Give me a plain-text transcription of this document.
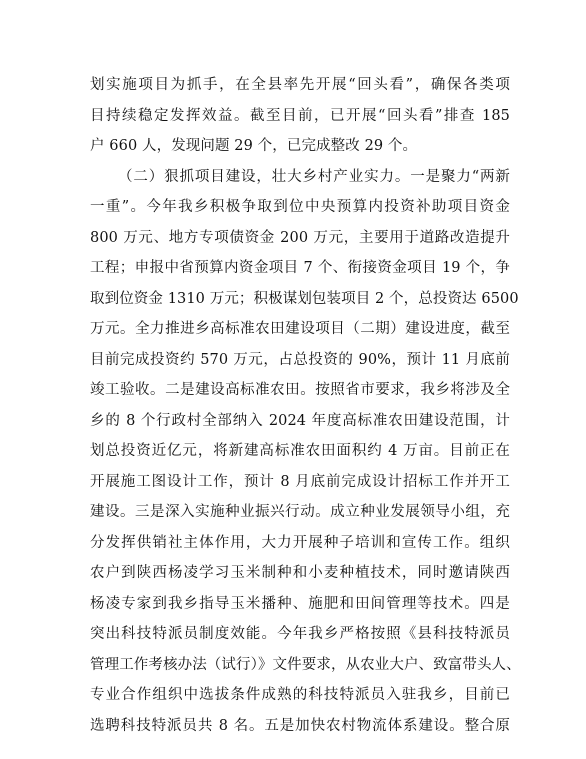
划实施项目为抓手，在全县率先开展“回头看”，确保各类项
目持续稳定发挥效益。截至目前，已开展“回头看”排查 185
户 660 人，发现问题 29 个，已完成整改 29 个。
（二）狠抓项目建设，壮大乡村产业实力。一是聚力“两新
一重”。今年我乡积极争取到位中央预算内投资补助项目资金
800 万元、地方专项债资金 200 万元，主要用于道路改造提升
工程；申报中省预算内资金项目 7 个、衔接资金项目 19 个，争
取到位资金 1310 万元；积极谋划包装项目 2 个，总投资达 6500
万元。全力推进乡高标准农田建设项目（二期）建设进度，截至
目前完成投资约 570 万元，占总投资的 90%，预计 11 月底前
竣工验收。二是建设高标准农田。按照省市要求，我乡将涉及全
乡的 8 个行政村全部纳入 2024 年度高标准农田建设范围，计
划总投资近亿元，将新建高标准农田面积约 4 万亩。目前正在
开展施工图设计工作，预计 8 月底前完成设计招标工作并开工
建设。三是深入实施种业振兴行动。成立种业发展领导小组，充
分发挥供销社主体作用，大力开展种子培训和宣传工作。组织
农户到陕西杨凌学习玉米制种和小麦种植技术，同时邀请陕西
杨凌专家到我乡指导玉米播种、施肥和田间管理等技术。四是
突出科技特派员制度效能。今年我乡严格按照《县科技特派员
管理工作考核办法（试行）》文件要求，从农业大户、致富带头人、
专业合作组织中选拔条件成熟的科技特派员入驻我乡，目前已
选聘科技特派员共 8 名。五是加快农村物流体系建设。整合原
